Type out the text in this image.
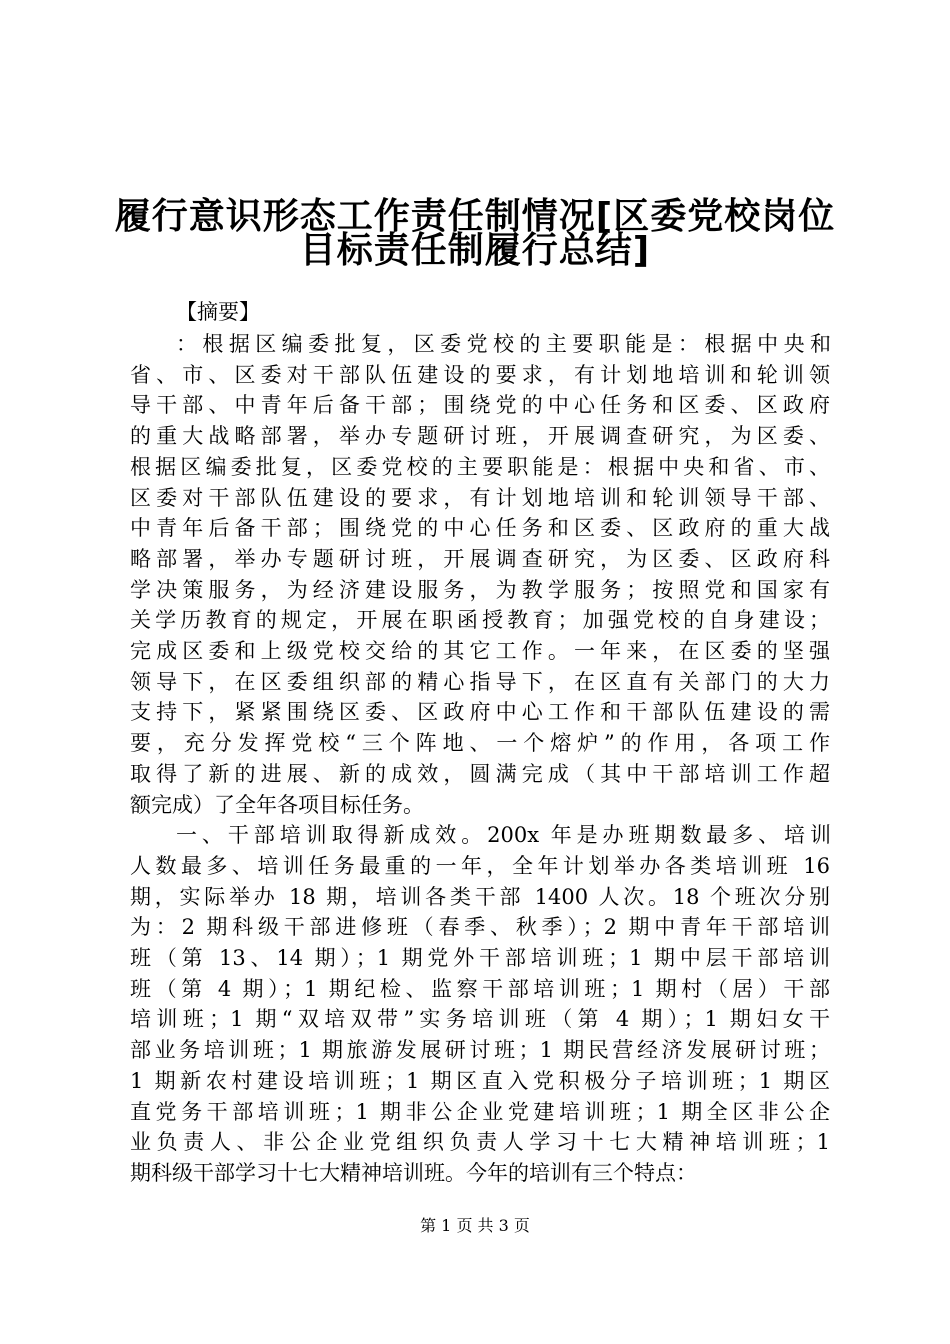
履行意识形态工作责任制情况[区委党校岗位
目标责任制履行总结]
【摘要】
：根据区编委批复，区委党校的主要职能是：根据中央和
省、市、区委对干部队伍建设的要求，有计划地培训和轮训领
导干部、中青年后备干部；围绕党的中心任务和区委、区政府
的重大战略部署，举办专题研讨班，开展调查研究，为区委、
根据区编委批复，区委党校的主要职能是：根据中央和省、市、
区委对干部队伍建设的要求，有计划地培训和轮训领导干部、
中青年后备干部；围绕党的中心任务和区委、区政府的重大战
略部署，举办专题研讨班，开展调查研究，为区委、区政府科
学决策服务，为经济建设服务，为教学服务；按照党和国家有
关学历教育的规定，开展在职函授教育；加强党校的自身建设；
完成区委和上级党校交给的其它工作。一年来，在区委的坚强
领导下，在区委组织部的精心指导下，在区直有关部门的大力
支持下，紧紧围绕区委、区政府中心工作和干部队伍建设的需
要，充分发挥党校“三个阵地、一个熔炉”的作用，各项工作
取得了新的进展、新的成效，圆满完成（其中干部培训工作超
额完成）了全年各项目标任务。
一、干部培训取得新成效。200x 年是办班期数最多、培训
人数最多、培训任务最重的一年，全年计划举办各类培训班 16
期，实际举办 18 期，培训各类干部 1400 人次。18 个班次分别
为：2 期科级干部进修班（春季、秋季）；2 期中青年干部培训
班（第 13、14 期）；1 期党外干部培训班；1 期中层干部培训
班（第 4 期）；1 期纪检、监察干部培训班；1 期村（居）干部
培训班；1 期“双培双带”实务培训班（第 4 期）；1 期妇女干
部业务培训班；1 期旅游发展研讨班；1 期民营经济发展研讨班；
1 期新农村建设培训班；1 期区直入党积极分子培训班；1 期区
直党务干部培训班；1 期非公企业党建培训班；1 期全区非公企
业负责人、非公企业党组织负责人学习十七大精神培训班；1
期科级干部学习十七大精神培训班。今年的培训有三个特点：
第 1 页 共 3 页
